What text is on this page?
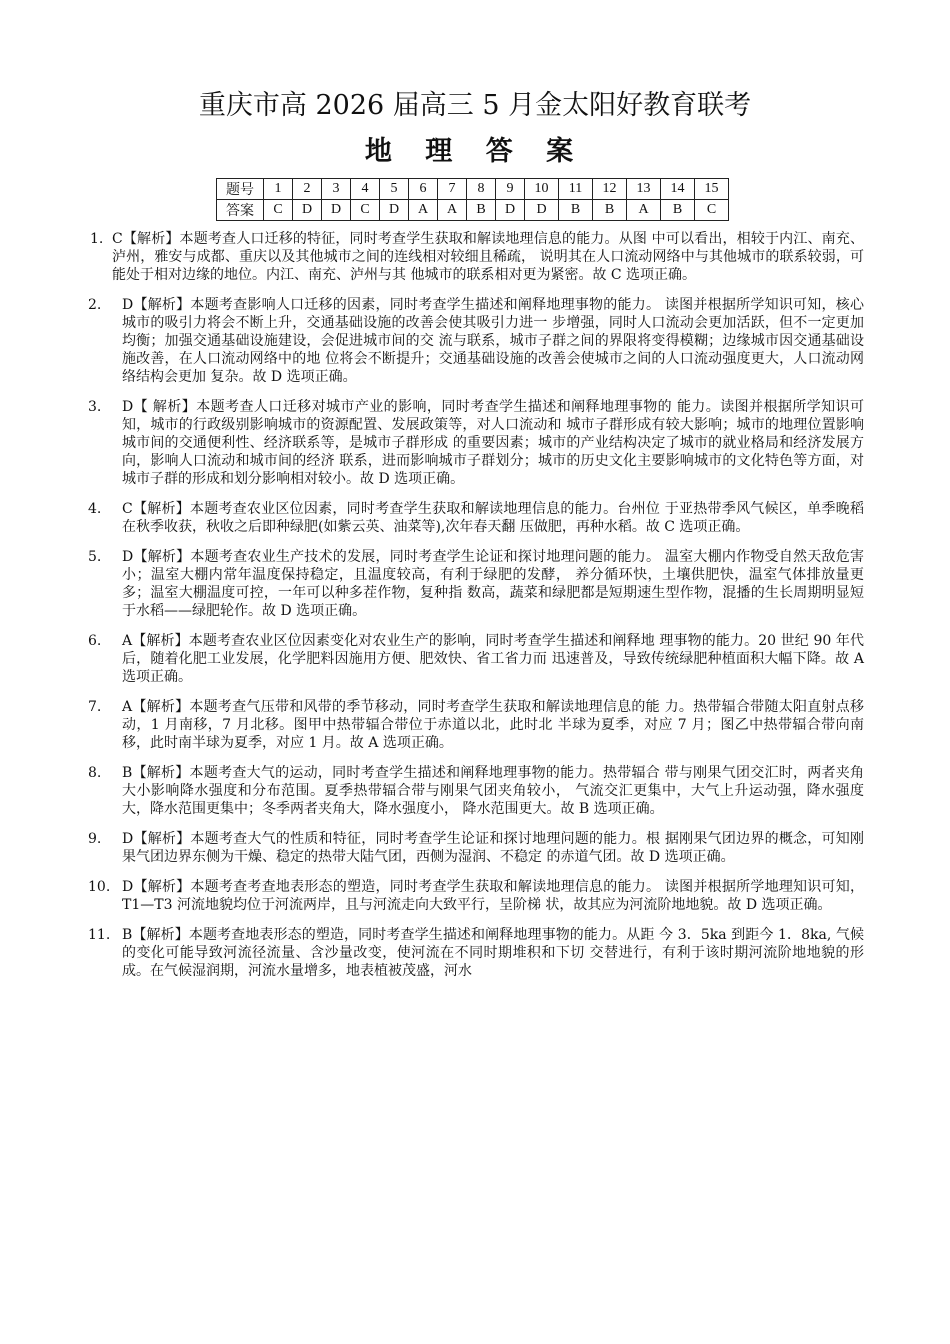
重庆市高 2026 届高三 5 月金太阳好教育联考
地 理 答 案
题号	1	2	3	4	5	6	7	8	9	10	11	12	13	14	15
答案	C	D	D	C	D	A	A	B	D	D	B	B	A	B	C
1. C【解析】本题考查人口迁移的特征，同时考查学生获取和解读地理信息的能力。从图 中可以看出，相较于内江、南充、泸州，雅安与成都、重庆以及其他城市之间的连线相对较细且稀疏， 说明其在人口流动网络中与其他城市的联系较弱，可能处于相对边缘的地位。内江、南充、泸州与其 他城市的联系相对更为紧密。故 C 选项正确。
2.	D【解析】本题考查影响人口迁移的因素，同时考查学生描述和阐释地理事物的能力。 读图并根据所学知识可知，核心城市的吸引力将会不断上升，交通基础设施的改善会使其吸引力进一 步增强，同时人口流动会更加活跃，但不一定更加均衡；加强交通基础设施建设，会促进城市间的交 流与联系，城市子群之间的界限将变得模糊；边缘城市因交通基础设施改善，在人口流动网络中的地 位将会不断提升；交通基础设施的改善会使城市之间的人口流动强度更大，人口流动网络结构会更加 复杂。故 D 选项正确。
3.	D【 解析】本题考查人口迁移对城市产业的影响，同时考查学生描述和阐释地理事物的 能力。读图并根据所学知识可知，城市的行政级别影响城市的资源配置、发展政策等，对人口流动和 城市子群形成有较大影响；城市的地理位置影响城市间的交通便利性、经济联系等，是城市子群形成 的重要因素；城市的产业结构决定了城市的就业格局和经济发展方向，影响人口流动和城市间的经济 联系，进而影响城市子群划分；城市的历史文化主要影响城市的文化特色等方面，对城市子群的形成和划分影响相对较小。故 D 选项正确。
4.	C【解析】本题考查农业区位因素，同时考查学生获取和解读地理信息的能力。台州位 于亚热带季风气候区，单季晚稻在秋季收获，秋收之后即种绿肥(如紫云英、油菜等),次年春天翻 压做肥，再种水稻。故 C 选项正确。
5.	D【解析】本题考查农业生产技术的发展，同时考查学生论证和探讨地理问题的能力。 温室大棚内作物受自然天敌危害小；温室大棚内常年温度保持稳定，且温度较高，有利于绿肥的发酵， 养分循环快，土壤供肥快，温室气体排放量更多；温室大棚温度可控，一年可以种多茬作物，复种指 数高，蔬菜和绿肥都是短期速生型作物，混播的生长周期明显短于水稻——绿肥轮作。故 D 选项正确。
6.	A【解析】本题考查农业区位因素变化对农业生产的影响，同时考查学生描述和阐释地 理事物的能力。20 世纪 90 年代后，随着化肥工业发展，化学肥料因施用方便、肥效快、省工省力而 迅速普及，导致传统绿肥种植面积大幅下降。故 A 选项正确。
7.	A【解析】本题考查气压带和风带的季节移动，同时考查学生获取和解读地理信息的能 力。热带辐合带随太阳直射点移动，1 月南移，7 月北移。图甲中热带辐合带位于赤道以北，此时北 半球为夏季，对应 7 月；图乙中热带辐合带向南移，此时南半球为夏季，对应 1 月。故 A 选项正确。
8.	B【解析】本题考查大气的运动，同时考查学生描述和阐释地理事物的能力。热带辐合 带与刚果气团交汇时，两者夹角大小影响降水强度和分布范围。夏季热带辐合带与刚果气团夹角较小， 气流交汇更集中，大气上升运动强，降水强度大，降水范围更集中；冬季两者夹角大，降水强度小， 降水范围更大。故 B 选项正确。
9.	D【解析】本题考查大气的性质和特征，同时考查学生论证和探讨地理问题的能力。根 据刚果气团边界的概念，可知刚果气团边界东侧为干燥、稳定的热带大陆气团，西侧为湿润、不稳定 的赤道气团。故 D 选项正确。
10. D【解析】本题考查考查地表形态的塑造，同时考查学生获取和解读地理信息的能力。 读图并根据所学地理知识可知，T1—T3 河流地貌均位于河流两岸，且与河流走向大致平行，呈阶梯 状，故其应为河流阶地地貌。故 D 选项正确。
11. B【解析】本题考查地表形态的塑造，同时考查学生描述和阐释地理事物的能力。从距 今 3．5ka 到距今 1．8ka, 气候的变化可能导致河流径流量、含沙量改变，使河流在不同时期堆积和下切 交替进行，有利于该时期河流阶地地貌的形成。在气候湿润期，河流水量增多，地表植被茂盛，河水
